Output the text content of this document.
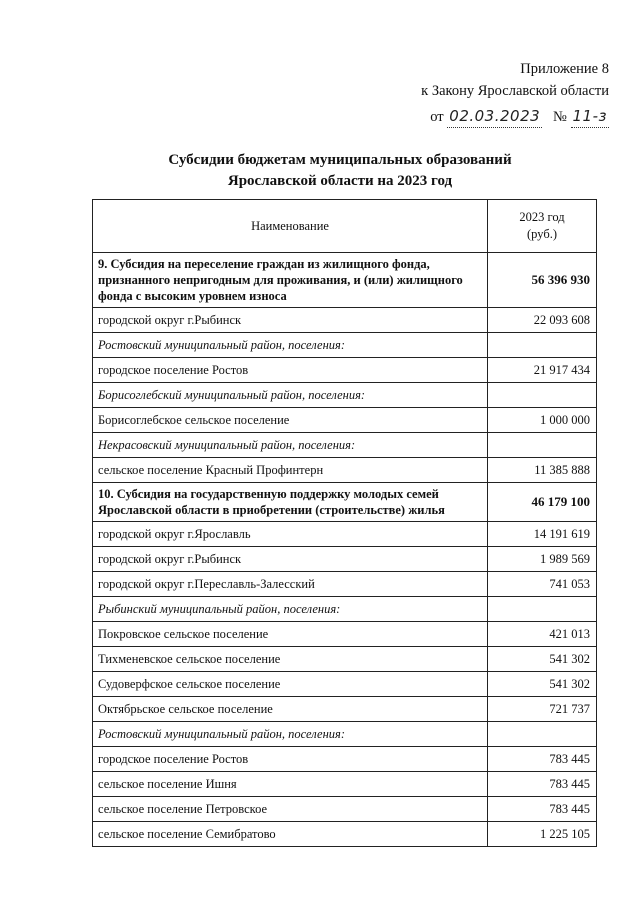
Приложение 8
к Закону Ярославской области
от 02.03.2023 № 11-з
Субсидии бюджетам муниципальных образований
Ярославской области на 2023 год
Наименование	2023 год
(руб.)

9. Субсидия на переселение граждан из жилищного фонда, признанного непригодным для проживания, и (или) жилищного фонда с высоким уровнем износа	56 396 930
городской округ г.Рыбинск	22 093 608
Ростовский муниципальный район, поселения:	
городское поселение Ростов	21 917 434
Борисоглебский муниципальный район, поселения:	
Борисоглебское сельское поселение	1 000 000
Некрасовский муниципальный район, поселения:	
сельское поселение Красный Профинтерн	11 385 888
10. Субсидия на государственную поддержку молодых семей Ярославской области в приобретении (строительстве) жилья	46 179 100
городской округ г.Ярославль	14 191 619
городской округ г.Рыбинск	1 989 569
городской округ г.Переславль-Залесский	741 053
Рыбинский муниципальный район, поселения:	
Покровское сельское поселение	421 013
Тихменевское сельское поселение	541 302
Судоверфское сельское поселение	541 302
Октябрьское сельское поселение	721 737
Ростовский муниципальный район, поселения:	
городское поселение Ростов	783 445
сельское поселение Ишня	783 445
сельское поселение Петровское	783 445
сельское поселение Семибратово	1 225 105
